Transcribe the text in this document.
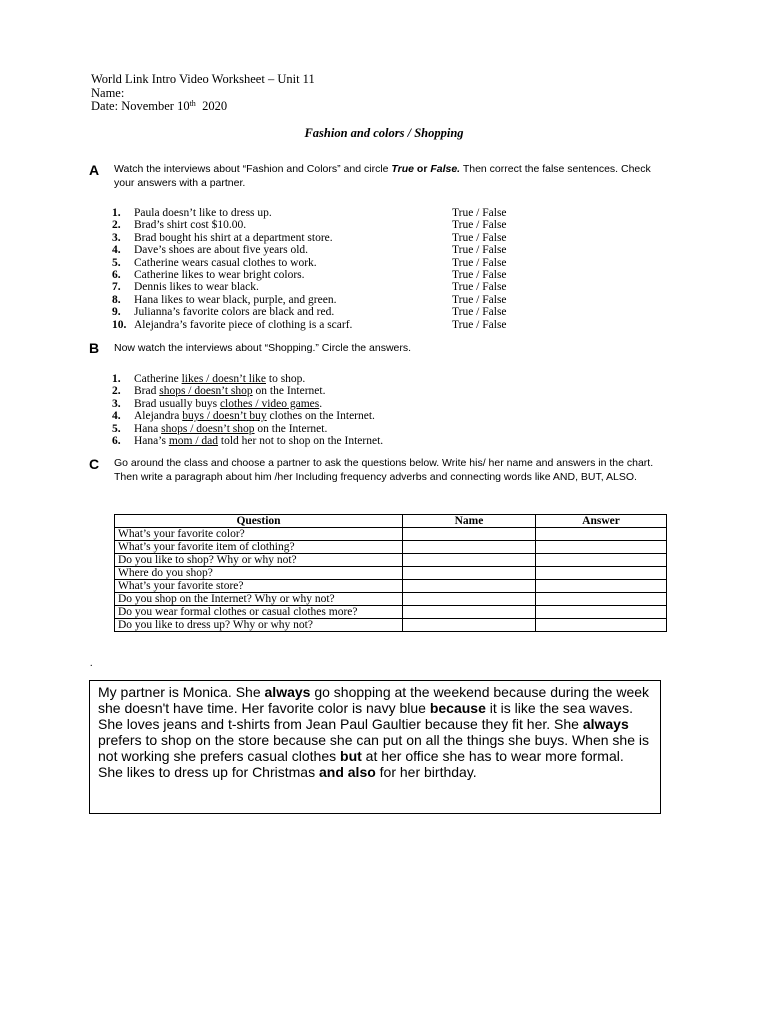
World Link Intro Video Worksheet – Unit 11
Name:
Date: November 10th 2020
Fashion and colors / Shopping
A Watch the interviews about “Fashion and Colors” and circle True or False. Then correct the false sentences. Check your answers with a partner.
1. Paula doesn’t like to dress up.	True / False
2. Brad’s shirt cost $10.00.	True / False
3. Brad bought his shirt at a department store.	True / False
4. Dave’s shoes are about five years old.	True / False
5. Catherine wears casual clothes to work.	True / False
6. Catherine likes to wear bright colors.	True / False
7. Dennis likes to wear black.	True / False
8. Hana likes to wear black, purple, and green.	True / False
9. Julianna’s favorite colors are black and red.	True / False
10. Alejandra’s favorite piece of clothing is a scarf.	True / False
B Now watch the interviews about “Shopping.” Circle the answers.
1. Catherine likes / doesn’t like to shop.
2. Brad shops / doesn’t shop on the Internet.
3. Brad usually buys clothes / video games.
4. Alejandra buys / doesn’t buy clothes on the Internet.
5. Hana shops / doesn’t shop on the Internet.
6. Hana’s mom / dad told her not to shop on the Internet.
C Go around the class and choose a partner to ask the questions below. Write his/ her name and answers in the chart. Then write a paragraph about him /her Including frequency adverbs and connecting words like AND, BUT, ALSO.
Question	Name	Answer
What’s your favorite color?		
What’s your favorite item of clothing?		
Do you like to shop? Why or why not?		
Where do you shop?		
What’s your favorite store?		
Do you shop on the Internet? Why or why not?		
Do you wear formal clothes or casual clothes more?		
Do you like to dress up? Why or why not?		
.
My partner is Monica. She always go shopping at the weekend because during the week she doesn't have time. Her favorite color is navy blue because it is like the sea waves. She loves jeans and t-shirts from Jean Paul Gaultier because they fit her. She always prefers to shop on the store because she can put on all the things she buys. When she is not working she prefers casual clothes but at her office she has to wear more formal. She likes to dress up for Christmas and also for her birthday.
